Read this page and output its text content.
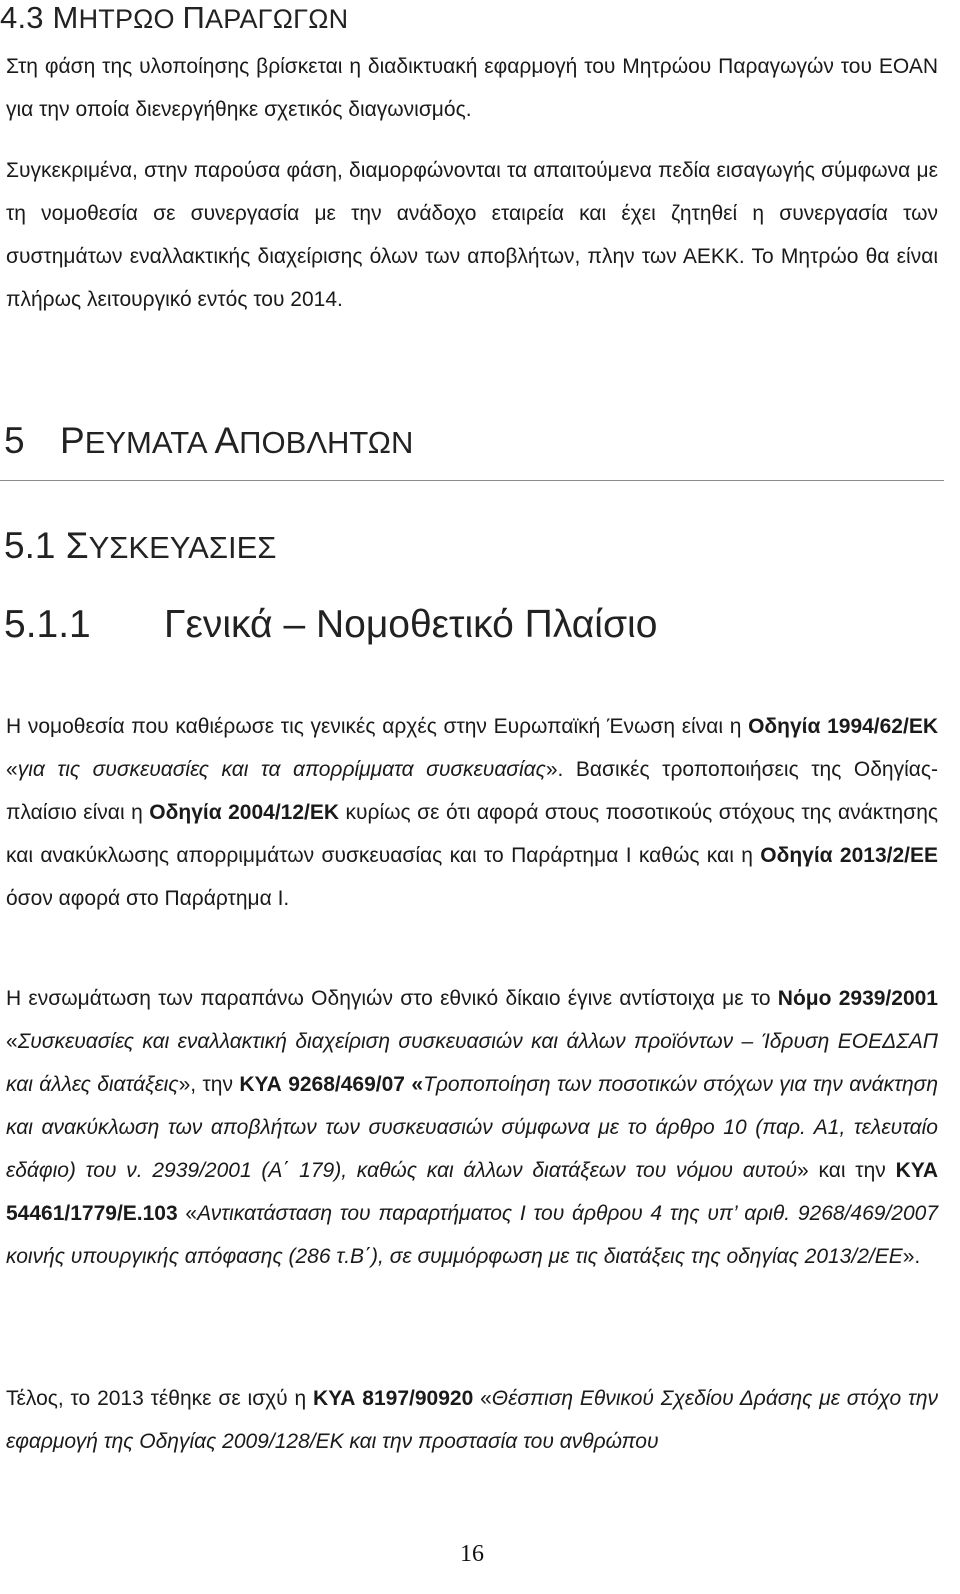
4.3 ΜΗΤΡΩΟ ΠΑΡΑΓΩΓΩΝ

Στη φάση της υλοποίησης βρίσκεται η διαδικτυακή εφαρμογή του Μητρώου Παραγωγών του ΕΟΑΝ για την οποία διενεργήθηκε σχετικός διαγωνισμός.

Συγκεκριμένα, στην παρούσα φάση, διαμορφώνονται τα απαιτούμενα πεδία εισαγωγής σύμφωνα με τη νομοθεσία σε συνεργασία με την ανάδοχο εταιρεία και έχει ζητηθεί η συνεργασία των συστημάτων εναλλακτικής διαχείρισης όλων των αποβλήτων, πλην των ΑΕΚΚ. Το Μητρώο θα είναι πλήρως λειτουργικό εντός του 2014.

5 ΡΕΥΜΑΤΑ ΑΠΟΒΛΗΤΩΝ
5.1 ΣΥΣΚΕΥΑΣΙΕΣ
5.1.1 Γενικά – Νομοθετικό Πλαίσιο

Η νομοθεσία που καθιέρωσε τις γενικές αρχές στην Ευρωπαϊκή Ένωση είναι η Οδηγία 1994/62/ΕΚ «για τις συσκευασίες και τα απορρίμματα συσκευασίας». Βασικές τροποποιήσεις της Οδηγίας- πλαίσιο είναι η Οδηγία 2004/12/ΕΚ κυρίως σε ότι αφορά στους ποσοτικούς στόχους της ανάκτησης και ανακύκλωσης απορριμμάτων συσκευασίας και το Παράρτημα Ι καθώς και η Οδηγία 2013/2/ΕΕ όσον αφορά στο Παράρτημα Ι.

Η ενσωμάτωση των παραπάνω Οδηγιών στο εθνικό δίκαιο έγινε αντίστοιχα με το Νόμο 2939/2001 «Συσκευασίες και εναλλακτική διαχείριση συσκευασιών και άλλων προϊόντων – Ίδρυση ΕΟΕΔΣΑΠ και άλλες διατάξεις», την ΚΥΑ 9268/469/07 «Τροποποίηση των ποσοτικών στόχων για την ανάκτηση και ανακύκλωση των αποβλήτων των συσκευασιών σύμφωνα με το άρθρο 10 (παρ. Α1, τελευταίο εδάφιο) του ν. 2939/2001 (Α΄ 179), καθώς και άλλων διατάξεων του νόμου αυτού» και την ΚΥΑ 54461/1779/Ε.103 «Αντικατάσταση του παραρτήματος Ι του άρθρου 4 της υπ’ αριθ. 9268/469/2007 κοινής υπουργικής απόφασης (286 τ.Β΄), σε συμμόρφωση με τις διατάξεις της οδηγίας 2013/2/ΕΕ».

Τέλος, το 2013 τέθηκε σε ισχύ η ΚΥΑ 8197/90920 «Θέσπιση Εθνικού Σχεδίου Δράσης με στόχο την εφαρμογή της Οδηγίας 2009/128/ΕΚ και την προστασία του ανθρώπου

16
